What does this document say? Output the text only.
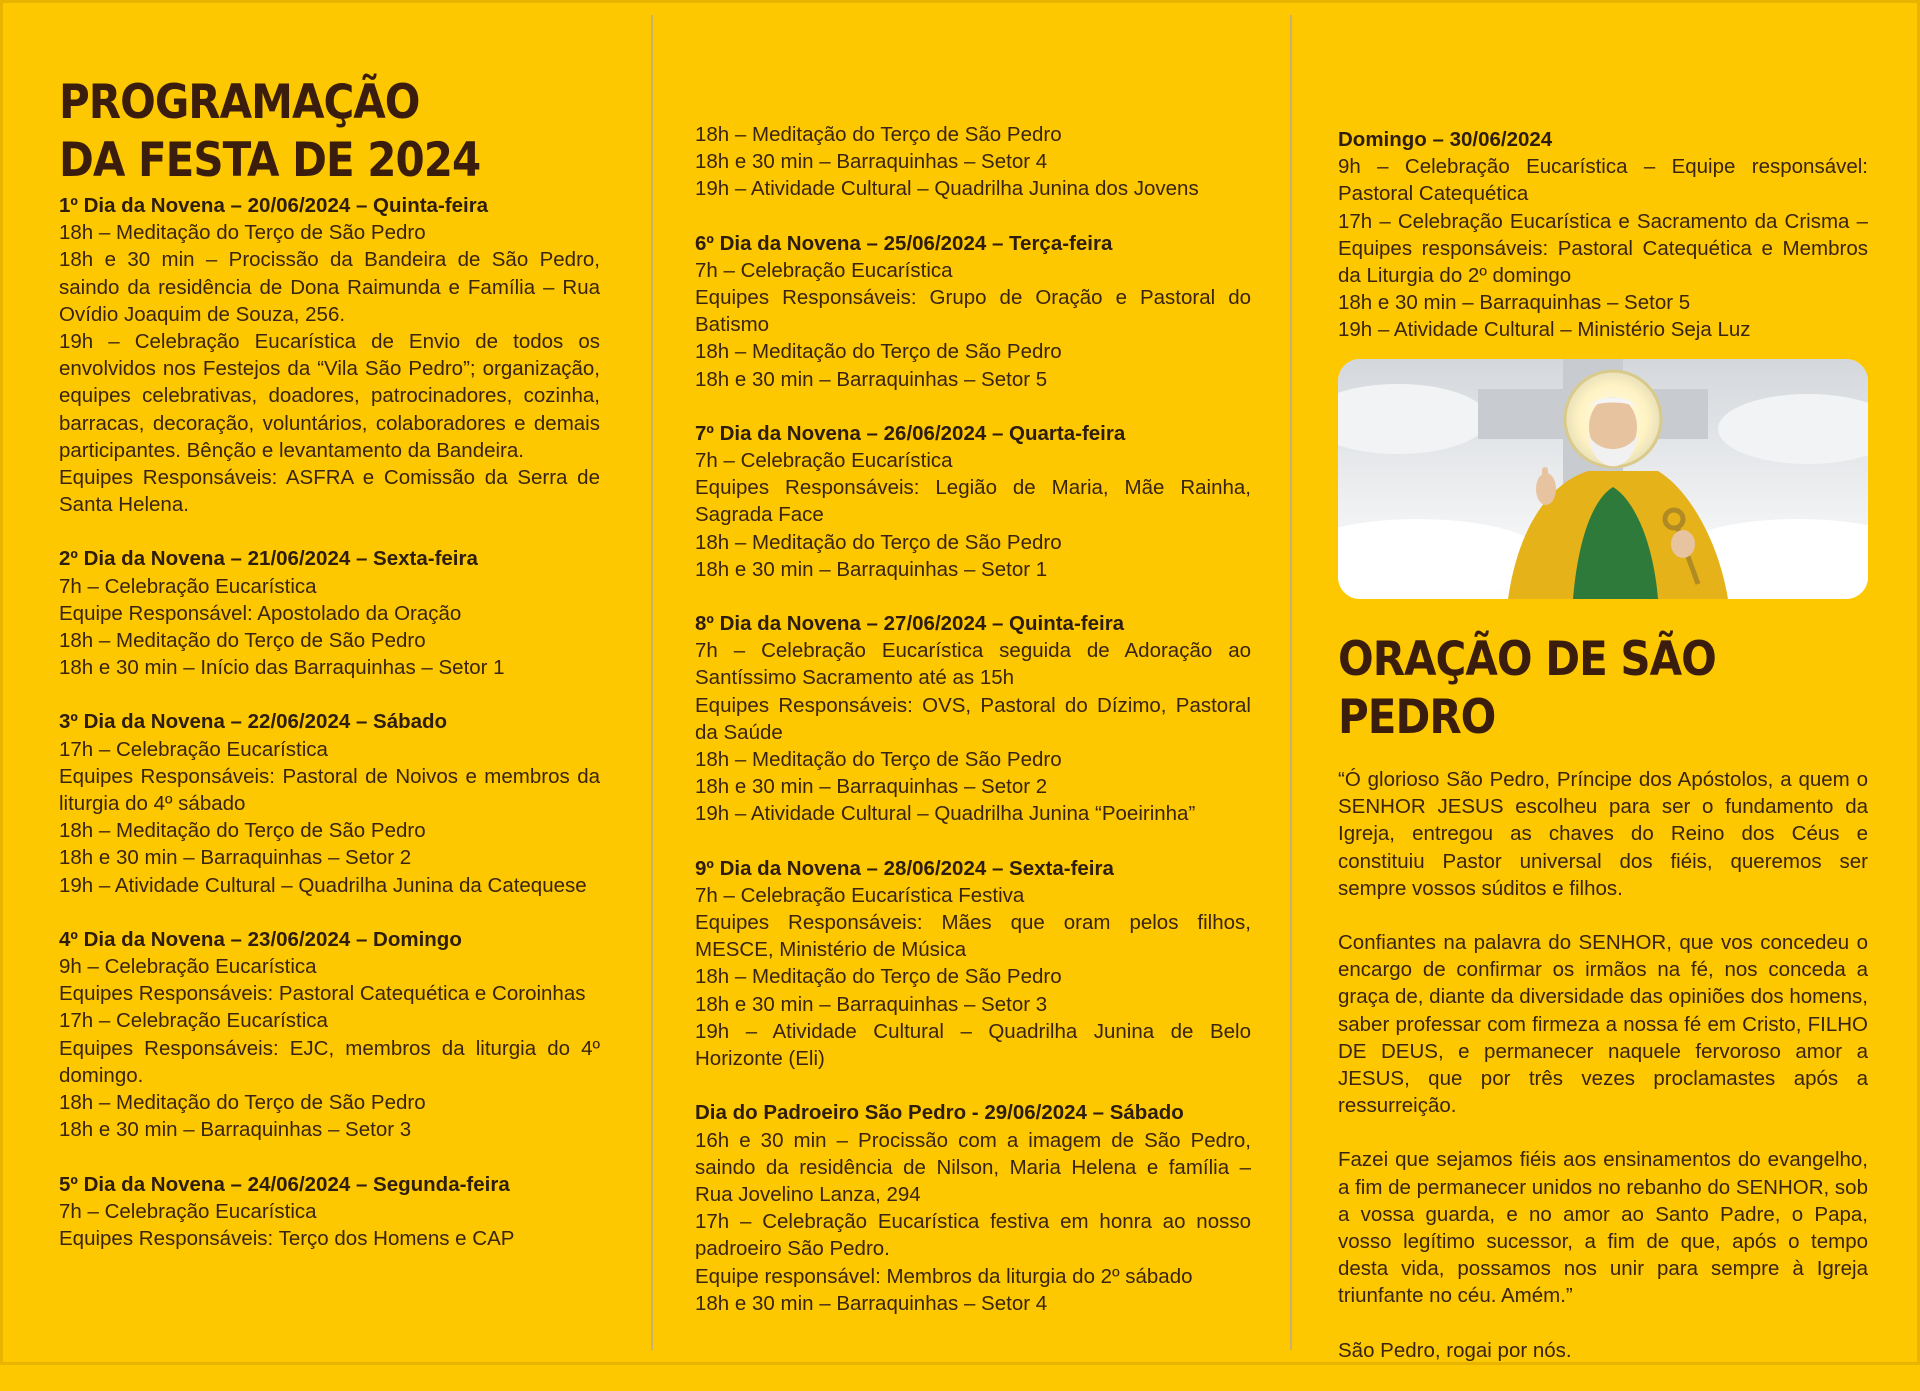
PROGRAMAÇÃO
DA FESTA DE 2024

1º Dia da Novena – 20/06/2024 – Quinta-feira

18h – Meditação do Terço de São Pedro

18h e 30 min – Procissão da Bandeira de São Pedro, saindo da residência de Dona Raimunda e Família – Rua Ovídio Joaquim de Souza, 256.

19h – Celebração Eucarística de Envio de todos os envolvidos nos Festejos da “Vila São Pedro”; organização, equipes celebrativas, doadores, patrocinadores, cozinha, barracas, decoração, voluntários, colaboradores e demais participantes. Bênção e levantamento da Bandeira.

Equipes Responsáveis: ASFRA e Comissão da Serra de Santa Helena.

2º Dia da Novena – 21/06/2024 – Sexta-feira

7h – Celebração Eucarística

Equipe Responsável: Apostolado da Oração

18h – Meditação do Terço de São Pedro

18h e 30 min – Início das Barraquinhas – Setor 1

3º Dia da Novena – 22/06/2024 – Sábado

17h – Celebração Eucarística

Equipes Responsáveis: Pastoral de Noivos e membros da liturgia do 4º sábado

18h – Meditação do Terço de São Pedro

18h e 30 min – Barraquinhas – Setor 2

19h – Atividade Cultural – Quadrilha Junina da Catequese

4º Dia da Novena – 23/06/2024 – Domingo

9h – Celebração Eucarística

Equipes Responsáveis: Pastoral Catequética e Coroinhas

17h – Celebração Eucarística

Equipes Responsáveis: EJC, membros da liturgia do 4º domingo.

18h – Meditação do Terço de São Pedro

18h e 30 min – Barraquinhas – Setor 3

5º Dia da Novena – 24/06/2024 – Segunda-feira

7h – Celebração Eucarística

Equipes Responsáveis: Terço dos Homens e CAP

18h – Meditação do Terço de São Pedro

18h e 30 min – Barraquinhas – Setor 4

19h – Atividade Cultural – Quadrilha Junina dos Jovens

6º Dia da Novena – 25/06/2024 – Terça-feira

7h – Celebração Eucarística

Equipes Responsáveis: Grupo de Oração e Pastoral do Batismo

18h – Meditação do Terço de São Pedro

18h e 30 min – Barraquinhas – Setor 5

7º Dia da Novena – 26/06/2024 – Quarta-feira

7h – Celebração Eucarística

Equipes Responsáveis: Legião de Maria, Mãe Rainha, Sagrada Face

18h – Meditação do Terço de São Pedro

18h e 30 min – Barraquinhas – Setor 1

8º Dia da Novena – 27/06/2024 – Quinta-feira

7h – Celebração Eucarística seguida de Adoração ao Santíssimo Sacramento até as 15h

Equipes Responsáveis: OVS, Pastoral do Dízimo, Pastoral da Saúde

18h – Meditação do Terço de São Pedro

18h e 30 min – Barraquinhas – Setor 2

19h – Atividade Cultural – Quadrilha Junina “Poeirinha”

9º Dia da Novena – 28/06/2024 – Sexta-feira

7h – Celebração Eucarística Festiva

Equipes Responsáveis: Mães que oram pelos filhos, MESCE, Ministério de Música

18h – Meditação do Terço de São Pedro

18h e 30 min – Barraquinhas – Setor 3

19h – Atividade Cultural – Quadrilha Junina de Belo Horizonte (Eli)

Dia do Padroeiro São Pedro - 29/06/2024 – Sábado

16h e 30 min – Procissão com a imagem de São Pedro, saindo da residência de Nilson, Maria Helena e família – Rua Jovelino Lanza, 294

17h – Celebração Eucarística festiva em honra ao nosso padroeiro São Pedro.

Equipe responsável: Membros da liturgia do 2º sábado

18h e 30 min – Barraquinhas – Setor 4

Domingo – 30/06/2024

9h – Celebração Eucarística – Equipe responsável: Pastoral Catequética

17h – Celebração Eucarística e Sacramento da Crisma – Equipes responsáveis: Pastoral Catequética e Membros da Liturgia do 2º domingo

18h e 30 min – Barraquinhas – Setor 5

19h – Atividade Cultural – Ministério Seja Luz

ORAÇÃO DE SÃO PEDRO

“Ó glorioso São Pedro, Príncipe dos Apóstolos, a quem o SENHOR JESUS escolheu para ser o fundamento da Igreja, entregou as chaves do Reino dos Céus e constituiu Pastor universal dos fiéis, queremos ser sempre vossos súditos e filhos.

Confiantes na palavra do SENHOR, que vos concedeu o encargo de confirmar os irmãos na fé, nos conceda a graça de, diante da diversidade das opiniões dos homens, saber professar com firmeza a nossa fé em Cristo, FILHO DE DEUS, e permanecer naquele fervoroso amor a JESUS, que por três vezes proclamastes após a ressurreição.

Fazei que sejamos fiéis aos ensinamentos do evangelho, a fim de permanecer unidos no rebanho do SENHOR, sob a vossa guarda, e no amor ao Santo Padre, o Papa, vosso legítimo sucessor, a fim de que, após o tempo desta vida, possamos nos unir para sempre à Igreja triunfante no céu. Amém.”

São Pedro, rogai por nós.
